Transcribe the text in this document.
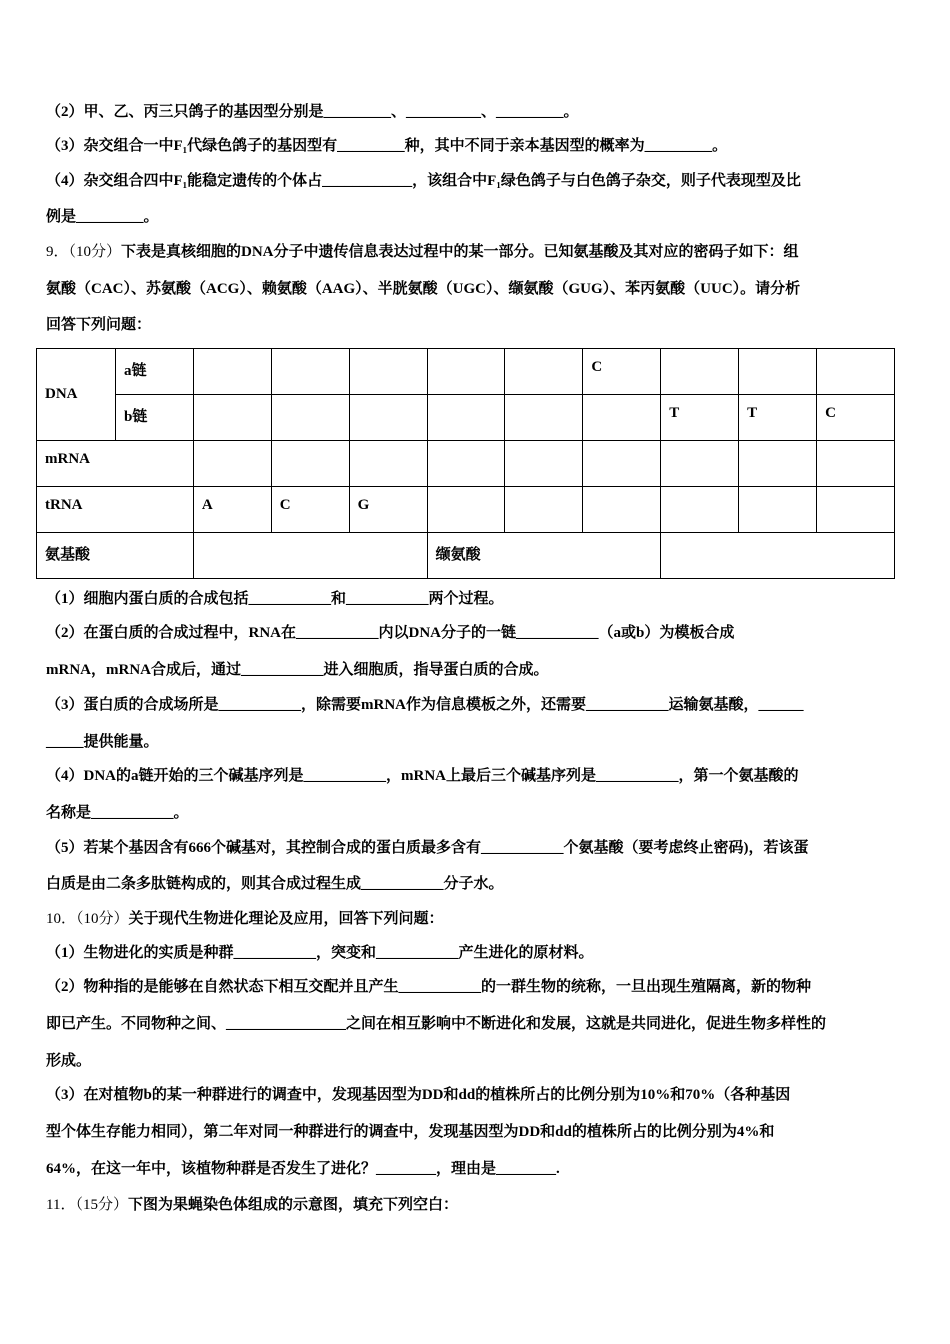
（2）甲、乙、丙三只鸽子的基因型分别是_________、__________、_________。
（3）杂交组合一中F₁代绿色鸽子的基因型有_________种，其中不同于亲本基因型的概率为_________。
（4）杂交组合四中F₁能稳定遗传的个体占____________，该组合中F₁绿色鸽子与白色鸽子杂交，则子代表现型及比
例是_________。
9．（10分）下表是真核细胞的DNA分子中遗传信息表达过程中的某一部分。已知氨基酸及其对应的密码子如下：组
氨酸（CAC）、苏氨酸（ACG）、赖氨酸（AAG）、半胱氨酸（UGC）、缬氨酸（GUG）、苯丙氨酸（UUC）。请分析
回答下列问题：
DNA	a链						C			
	b链							T	T	C
mRNA										
tRNA		A	C	G						
氨基酸					缬氨酸					
（1）细胞内蛋白质的合成包括___________和___________两个过程。
（2）在蛋白质的合成过程中，RNA在___________内以DNA分子的一链___________（a或b）为模板合成
mRNA，mRNA合成后，通过___________进入细胞质，指导蛋白质的合成。
（3）蛋白质的合成场所是___________，除需要mRNA作为信息模板之外，还需要___________运输氨基酸，______
_____提供能量。
（4）DNA的a链开始的三个碱基序列是___________，mRNA上最后三个碱基序列是___________，第一个氨基酸的
名称是___________。
（5）若某个基因含有666个碱基对，其控制合成的蛋白质最多含有___________个氨基酸（要考虑终止密码)，若该蛋
白质是由二条多肽链构成的，则其合成过程生成___________分子水。
10．（10分）关于现代生物进化理论及应用，回答下列问题：
（1）生物进化的实质是种群___________，突变和___________产生进化的原材料。
（2）物种指的是能够在自然状态下相互交配并且产生___________的一群生物的统称，一旦出现生殖隔离，新的物种
即已产生。不同物种之间、________________之间在相互影响中不断进化和发展，这就是共同进化，促进生物多样性的
形成。
（3）在对植物b的某一种群进行的调查中，发现基因型为DD和dd的植株所占的比例分别为10%和70%（各种基因
型个体生存能力相同），第二年对同一种群进行的调查中，发现基因型为DD和dd的植株所占的比例分别为4%和
64%，在这一年中，该植物种群是否发生了进化？________，理由是________.
11．（15分）下图为果蝇染色体组成的示意图，填充下列空白：
